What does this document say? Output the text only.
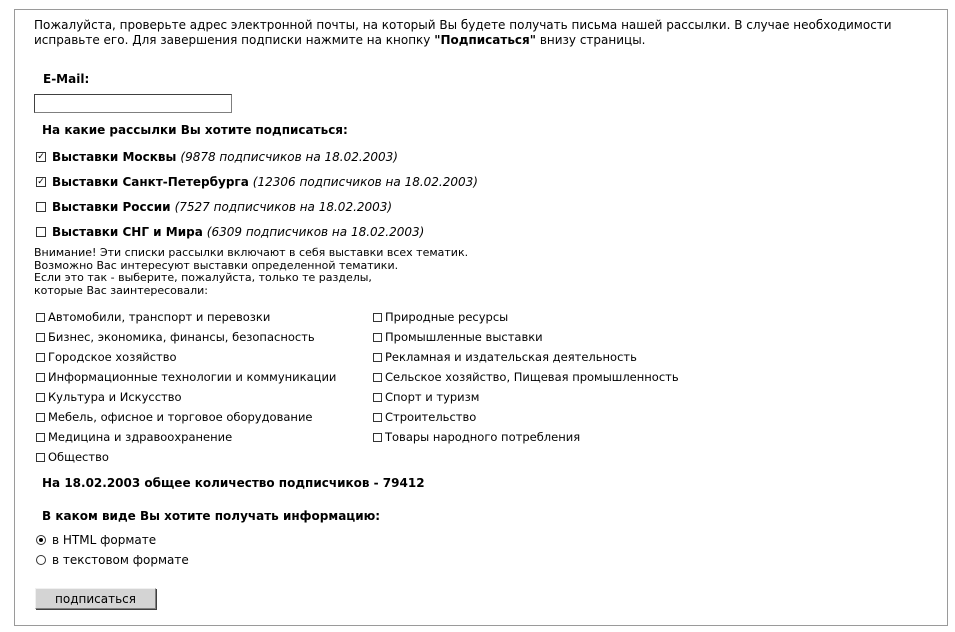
Пожалуйста, проверьте адрес электронной почты, на который Вы будете получать письма нашей рассылки. В случае необходимости исправьте его. Для завершения подписки нажмите на кнопку "Подписаться" внизу страницы.
E-Mail:
На какие рассылки Вы хотите подписаться:
✓ Выставки Москвы (9878 подписчиков на 18.02.2003)
✓ Выставки Санкт-Петербурга (12306 подписчиков на 18.02.2003)
Выставки России (7527 подписчиков на 18.02.2003)
Выставки СНГ и Мира (6309 подписчиков на 18.02.2003)
Внимание! Эти списки рассылки включают в себя выставки всех тематик.
Возможно Вас интересуют выставки определенной тематики.
Если это так - выберите, пожалуйста, только те разделы,
которые Вас заинтересовали:
Автомобили, транспорт и перевозки
Бизнес, экономика, финансы, безопасность
Городское хозяйство
Информационные технологии и коммуникации
Культура и Искусство
Мебель, офисное и торговое оборудование
Медицина и здравоохранение
Общество
Природные ресурсы
Промышленные выставки
Рекламная и издательская деятельность
Сельское хозяйство, Пищевая промышленность
Спорт и туризм
Строительство
Товары народного потребления
На 18.02.2003 общее количество подписчиков - 79412
В каком виде Вы хотите получать информацию:
в HTML формате
в текстовом формате
подписаться
